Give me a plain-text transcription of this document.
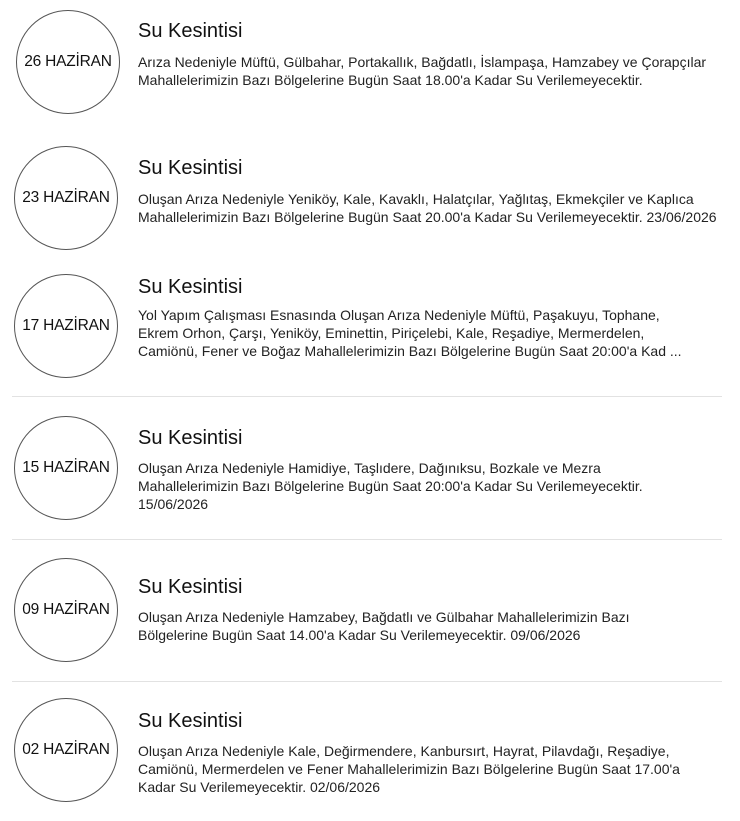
26 HAZİRAN
Su Kesintisi

Arıza Nedeniyle Müftü, Gülbahar, Portakallık, Bağdatlı, İslampaşa, Hamzabey ve Çorapçılar Mahallelerimizin Bazı Bölgelerine Bugün Saat 18.00'a Kadar Su Verilemeyecektir.

23 HAZİRAN
Su Kesintisi

Oluşan Arıza Nedeniyle Yeniköy, Kale, Kavaklı, Halatçılar, Yağlıtaş, Ekmekçiler ve Kaplıca Mahallelerimizin Bazı Bölgelerine Bugün Saat 20.00'a Kadar Su Verilemeyecektir. 23/06/2026

17 HAZİRAN
Su Kesintisi

Yol Yapım Çalışması Esnasında Oluşan Arıza Nedeniyle Müftü, Paşakuyu, Tophane, Ekrem Orhon, Çarşı, Yeniköy, Eminettin, Piriçelebi, Kale, Reşadiye, Mermerdelen, Camiönü, Fener ve Boğaz Mahallelerimizin Bazı Bölgelerine Bugün Saat 20:00'a Kad ...

15 HAZİRAN
Su Kesintisi

Oluşan Arıza Nedeniyle Hamidiye, Taşlıdere, Dağınıksu, Bozkale ve Mezra Mahallelerimizin Bazı Bölgelerine Bugün Saat 20:00'a Kadar Su Verilemeyecektir. 15/06/2026

09 HAZİRAN
Su Kesintisi

Oluşan Arıza Nedeniyle Hamzabey, Bağdatlı ve Gülbahar Mahallelerimizin Bazı Bölgelerine Bugün Saat 14.00'a Kadar Su Verilemeyecektir. 09/06/2026

02 HAZİRAN
Su Kesintisi

Oluşan Arıza Nedeniyle Kale, Değirmendere, Kanbursırt, Hayrat, Pilavdağı, Reşadiye, Camiönü, Mermerdelen ve Fener Mahallelerimizin Bazı Bölgelerine Bugün Saat 17.00'a Kadar Su Verilemeyecektir. 02/06/2026
